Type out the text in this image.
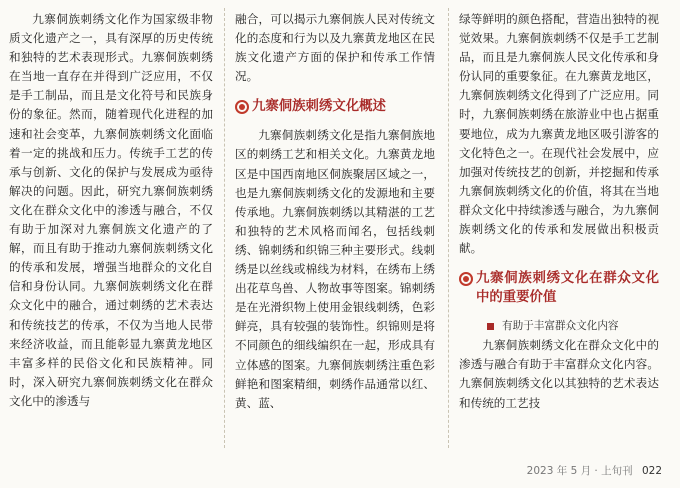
九寨侗族刺绣文化作为国家级非物质文化遗产之一，具有深厚的历史传统和独特的艺术表现形式。九寨侗族刺绣在当地一直存在并得到广泛应用，不仅是手工制品，而且是文化符号和民族身份的象征。然而，随着现代化进程的加速和社会变革，九寨侗族刺绣文化面临着一定的挑战和压力。传统手工艺的传承与创新、文化的保护与发展成为亟待解决的问题。因此，研究九寨侗族刺绣文化在群众文化中的渗透与融合，不仅有助于加深对九寨侗族文化遗产的了解，而且有助于推动九寨侗族刺绣文化的传承和发展，增强当地群众的文化自信和身份认同。九寨侗族刺绣文化在群众文化中的融合，通过刺绣的艺术表达和传统技艺的传承，不仅为当地人民带来经济收益，而且能彰显九寨黄龙地区丰富多样的民俗文化和民族精神。同时，深入研究九寨侗族刺绣文化在群众文化中的渗透与

融合，可以揭示九寨侗族人民对传统文化的态度和行为以及九寨黄龙地区在民族文化遗产方面的保护和传承工作情况。

九寨侗族刺绣文化概述

九寨侗族刺绣文化是指九寨侗族地区的刺绣工艺和相关文化。九寨黄龙地区是中国西南地区侗族聚居区域之一，也是九寨侗族刺绣文化的发源地和主要传承地。九寨侗族刺绣以其精湛的工艺和独特的艺术风格而闻名，包括线刺绣、锦刺绣和织锦三种主要形式。线刺绣是以丝线或棉线为材料，在绣布上绣出花草鸟兽、人物故事等图案。锦刺绣是在光滑织物上使用金银线刺绣，色彩鲜亮，具有较强的装饰性。织锦则是将不同颜色的细线编织在一起，形成具有立体感的图案。九寨侗族刺绣注重色彩鲜艳和图案精细，刺绣作品通常以红、黄、蓝、

绿等鲜明的颜色搭配，营造出独特的视觉效果。九寨侗族刺绣不仅是手工艺制品，而且是九寨侗族人民文化传承和身份认同的重要象征。在九寨黄龙地区，九寨侗族刺绣文化得到了广泛应用。同时，九寨侗族刺绣在旅游业中也占据重要地位，成为九寨黄龙地区吸引游客的文化特色之一。在现代社会发展中，应加强对传统技艺的创新，并挖掘和传承九寨侗族刺绣文化的价值，将其在当地群众文化中持续渗透与融合，为九寨侗族刺绣文化的传承和发展做出积极贡献。

九寨侗族刺绣文化在群众文化中的重要价值
有助于丰富群众文化内容

九寨侗族刺绣文化在群众文化中的渗透与融合有助于丰富群众文化内容。九寨侗族刺绣文化以其独特的艺术表达和传统的工艺技

2023 年 5 月 · 上旬刊 022
